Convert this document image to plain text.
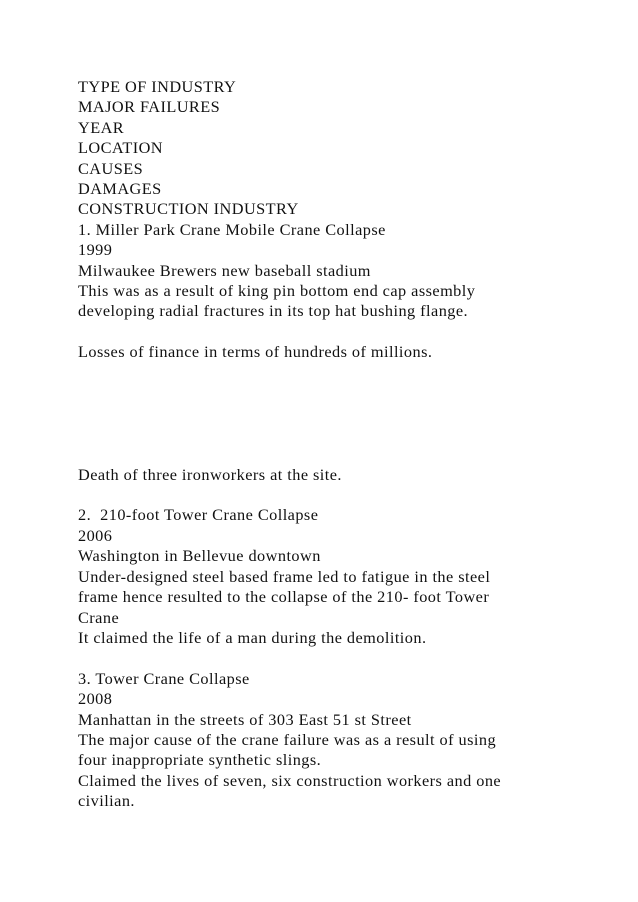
TYPE OF INDUSTRY
MAJOR FAILURES
YEAR
LOCATION
CAUSES
DAMAGES
CONSTRUCTION INDUSTRY
1. Miller Park Crane Mobile Crane Collapse
1999
Milwaukee Brewers new baseball stadium
This was as a result of king pin bottom end cap assembly
developing radial fractures in its top hat bushing flange.
Losses of finance in terms of hundreds of millions.
Death of three ironworkers at the site.
2.  210-foot Tower Crane Collapse
2006
Washington in Bellevue downtown
Under-designed steel based frame led to fatigue in the steel
frame hence resulted to the collapse of the 210- foot Tower
Crane
It claimed the life of a man during the demolition.
3. Tower Crane Collapse
2008
Manhattan in the streets of 303 East 51 st Street
The major cause of the crane failure was as a result of using
four inappropriate synthetic slings.
Claimed the lives of seven, six construction workers and one
civilian.
